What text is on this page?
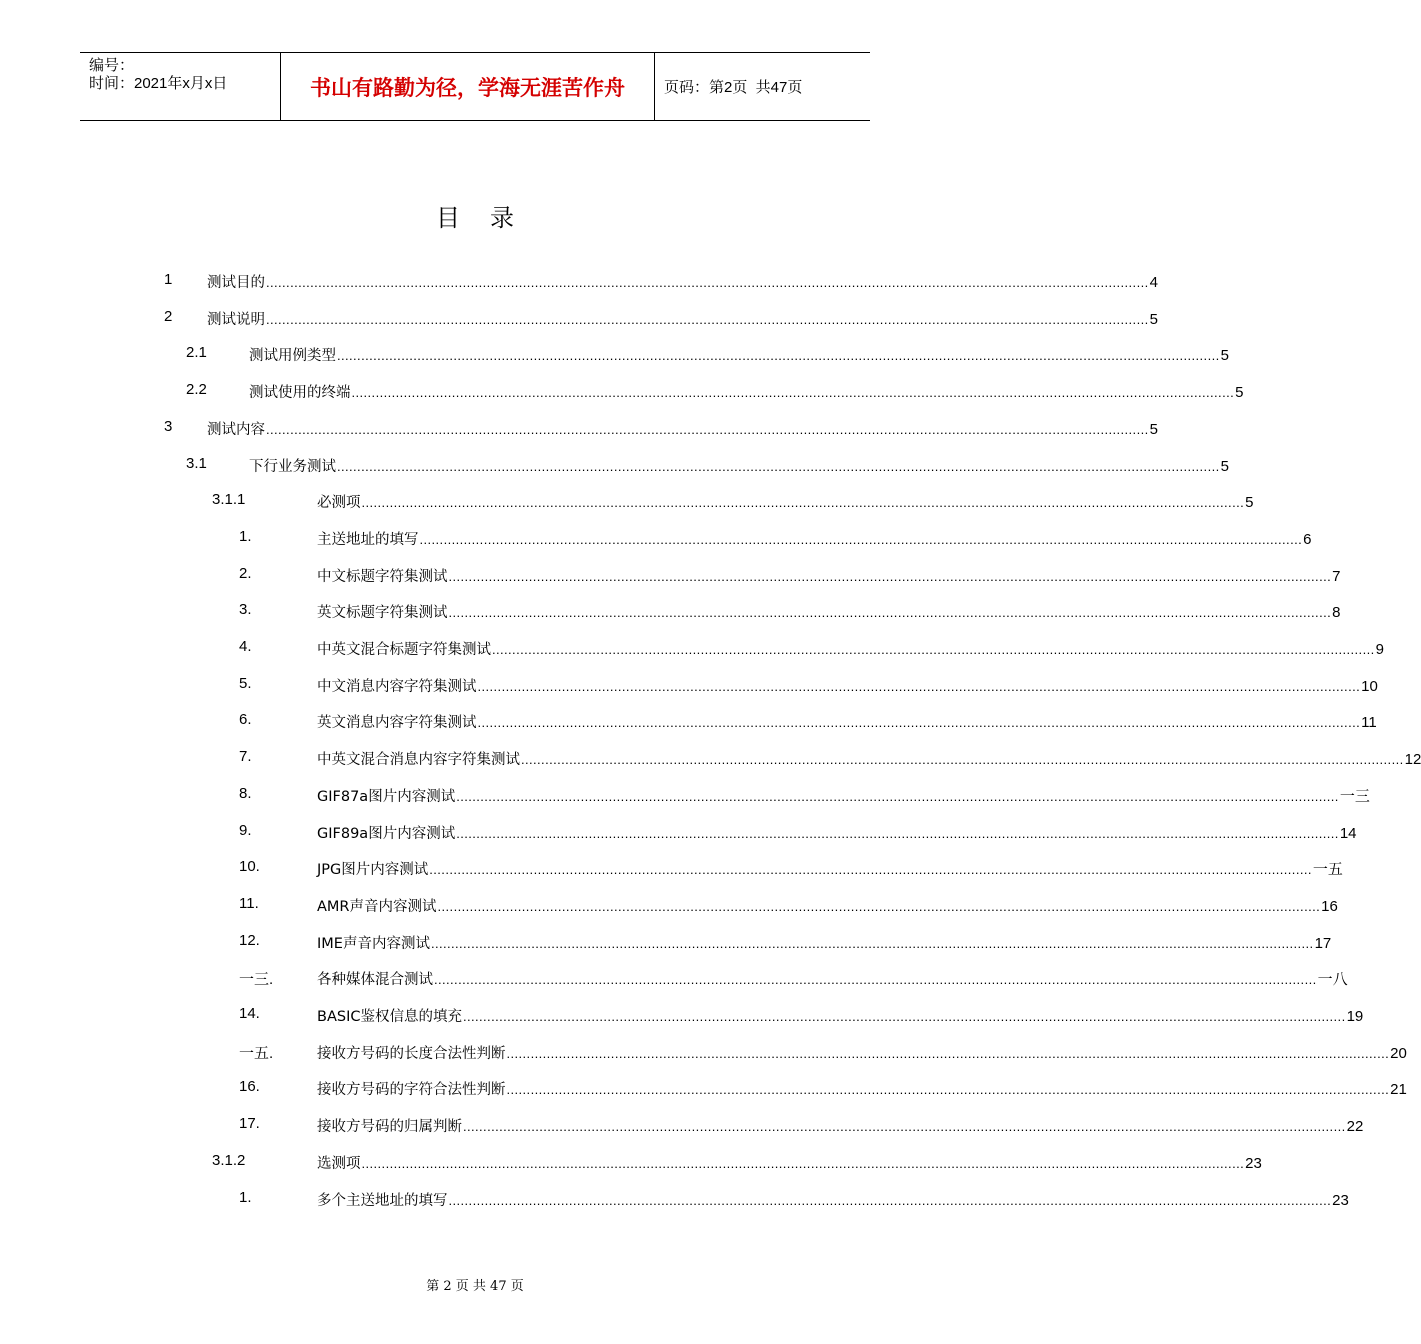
编号：
时间：2021年x月x日	书山有路勤为径，学海无涯苦作舟	页码：第2页  共47页
目录
1 测试目的 ............................................................................................................................................................................................................................ 4
2 测试说明 ............................................................................................................................................................................................................................ 5
2.1	测试用例类型 ............................................................................................................................................................................................................................ 5
2.2	测试使用的终端 ............................................................................................................................................................................................................................ 5
3 测试内容 ............................................................................................................................................................................................................................ 5
3.1	下行业务测试 ............................................................................................................................................................................................................................ 5
3.1.1	必测项 ............................................................................................................................................................................................................................ 5
1.	主送地址的填写 ............................................................................................................................................................................................................................ 6
2.	中文标题字符集测试 ............................................................................................................................................................................................................................ 7
3.	英文标题字符集测试 ............................................................................................................................................................................................................................ 8
4.	中英文混合标题字符集测试 ............................................................................................................................................................................................................................ 9
5.	中文消息内容字符集测试 ............................................................................................................................................................................................................................ 10
6.	英文消息内容字符集测试 ............................................................................................................................................................................................................................ 11
7.	中英文混合消息内容字符集测试 ............................................................................................................................................................................................................................ 12
8.	GIF87a图片内容测试 ............................................................................................................................................................................................................................ 一三
9.	GIF89a图片内容测试 ............................................................................................................................................................................................................................ 14
10.	JPG图片内容测试 ............................................................................................................................................................................................................................ 一五
11.	AMR声音内容测试 ............................................................................................................................................................................................................................ 16
12.	IME声音内容测试 ............................................................................................................................................................................................................................ 17
一三.	各种媒体混合测试 ............................................................................................................................................................................................................................ 一八
14.	BASIC鉴权信息的填充 ............................................................................................................................................................................................................................ 19
一五.	接收方号码的长度合法性判断 ............................................................................................................................................................................................................................ 20
16.	接收方号码的字符合法性判断 ............................................................................................................................................................................................................................ 21
17.	接收方号码的归属判断 ............................................................................................................................................................................................................................ 22
3.1.2	选测项 ............................................................................................................................................................................................................................ 23
1.	多个主送地址的填写 ............................................................................................................................................................................................................................ 23
第 2 页 共 47 页
